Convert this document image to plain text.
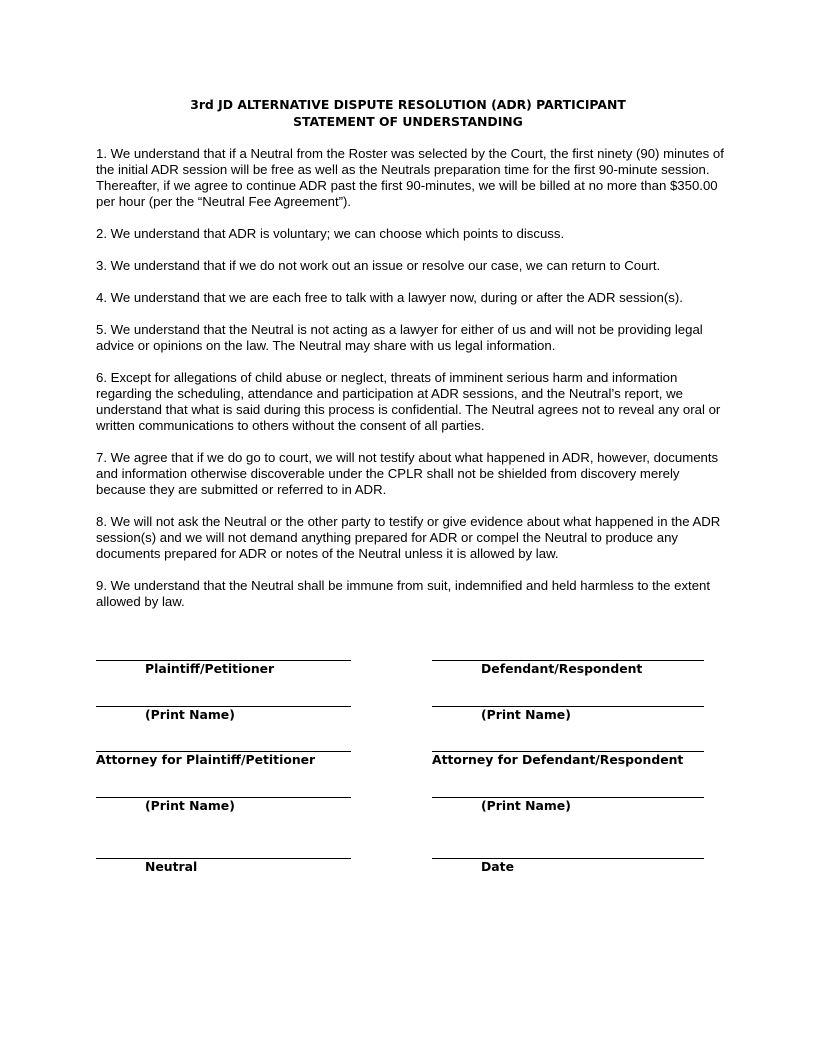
3rd JD ALTERNATIVE DISPUTE RESOLUTION (ADR) PARTICIPANT
STATEMENT OF UNDERSTANDING

1. We understand that if a Neutral from the Roster was selected by the Court, the first ninety (90) minutes of the initial ADR session will be free as well as the Neutrals preparation time for the first 90-minute session. Thereafter, if we agree to continue ADR past the first 90-minutes, we will be billed at no more than $350.00 per hour (per the “Neutral Fee Agreement”).

2. We understand that ADR is voluntary; we can choose which points to discuss.

3. We understand that if we do not work out an issue or resolve our case, we can return to Court.

4. We understand that we are each free to talk with a lawyer now, during or after the ADR session(s).

5. We understand that the Neutral is not acting as a lawyer for either of us and will not be providing legal advice or opinions on the law. The Neutral may share with us legal information.

6. Except for allegations of child abuse or neglect, threats of imminent serious harm and information regarding the scheduling, attendance and participation at ADR sessions, and the Neutral’s report, we understand that what is said during this process is confidential. The Neutral agrees not to reveal any oral or written communications to others without the consent of all parties.

7. We agree that if we do go to court, we will not testify about what happened in ADR, however, documents and information otherwise discoverable under the CPLR shall not be shielded from discovery merely because they are submitted or referred to in ADR.

8. We will not ask the Neutral or the other party to testify or give evidence about what happened in the ADR session(s) and we will not demand anything prepared for ADR or compel the Neutral to produce any documents prepared for ADR or notes of the Neutral unless it is allowed by law.

9. We understand that the Neutral shall be immune from suit, indemnified and held harmless to the extent allowed by law.

Plaintiff/Petitioner	Defendant/Respondent
(Print Name)	(Print Name)
Attorney for Plaintiff/Petitioner	Attorney for Defendant/Respondent
(Print Name)	(Print Name)
Neutral	Date
